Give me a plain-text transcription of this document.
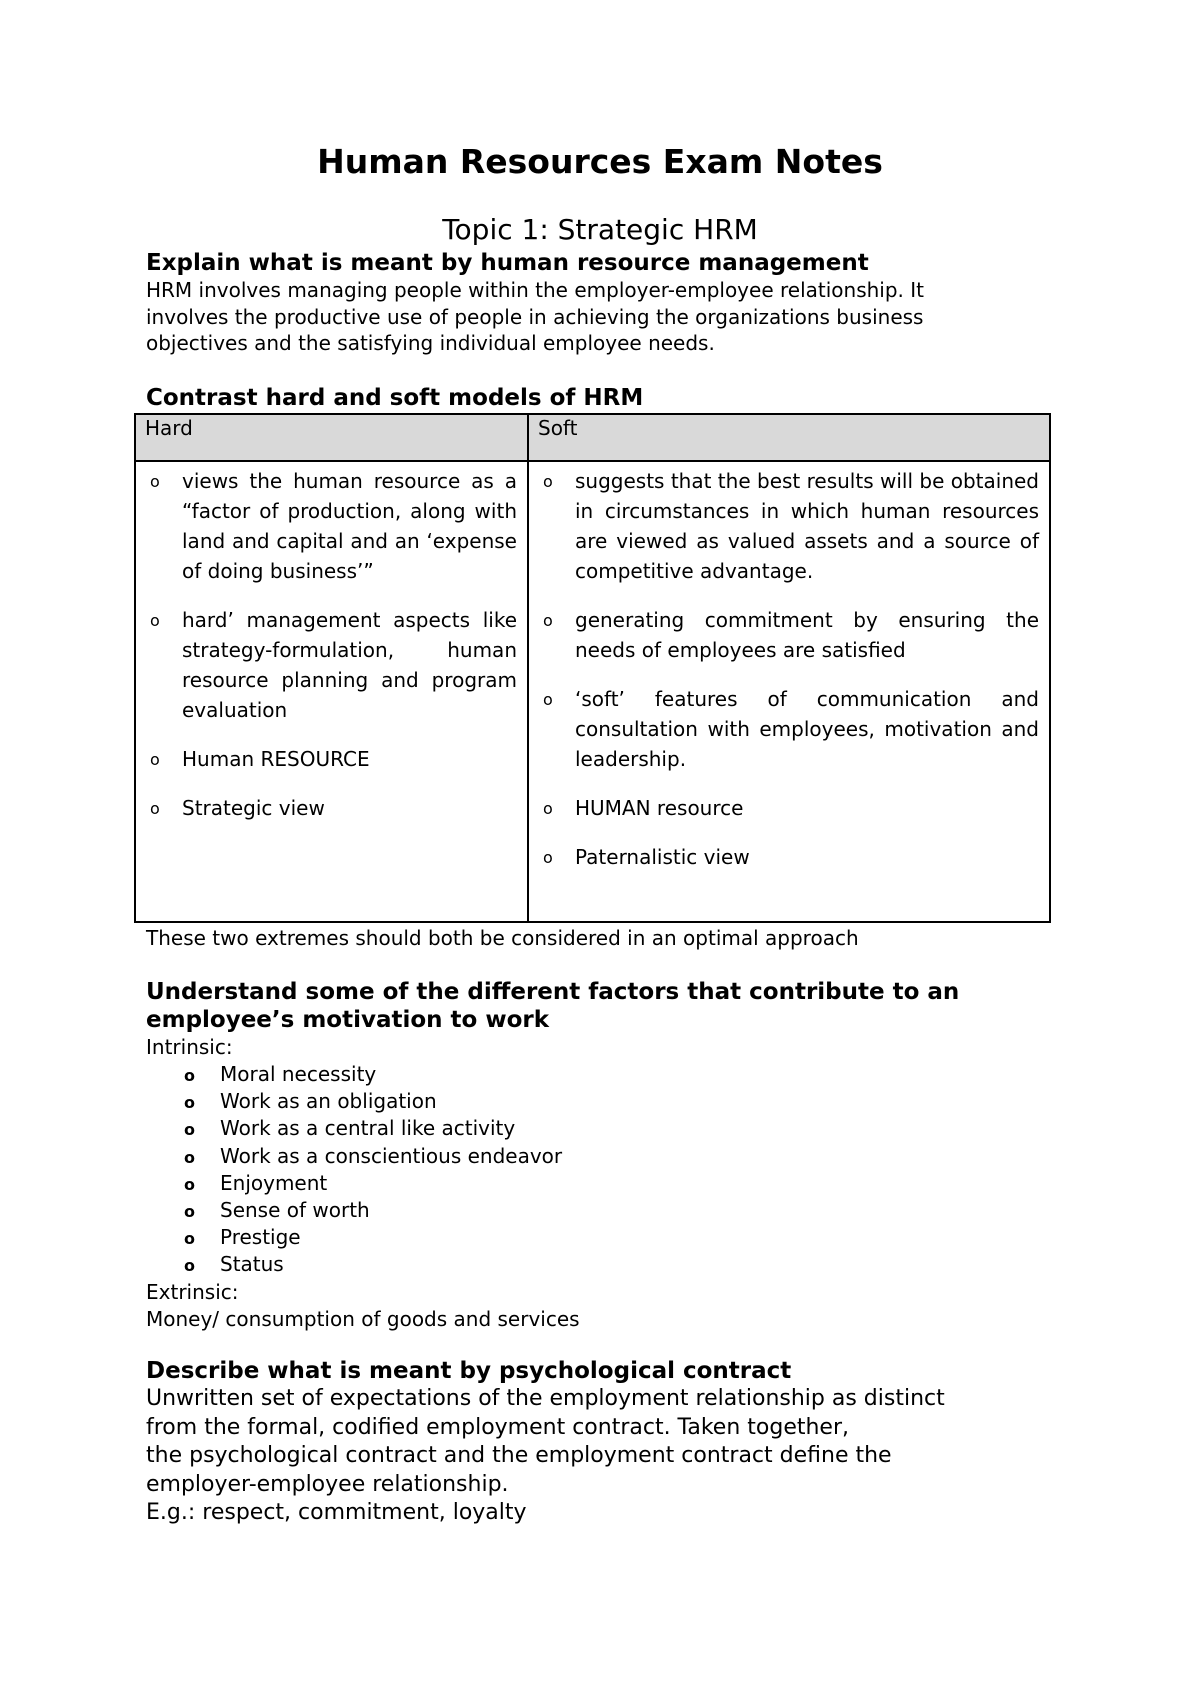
Human Resources Exam Notes
Topic 1: Strategic HRM
Explain what is meant by human resource management

HRM involves managing people within the employer-employee relationship. It

involves the productive use of people in achieving the organizations business

objectives and the satisfying individual employee needs.

Contrast hard and soft models of HRM
Hard	Soft
o views the human resource as a “factor of production, along with land and capital and an ‘expense of doing business’”
o hard’ management aspects like strategy-formulation, human resource planning and program evaluation
o Human RESOURCE
o Strategic view
o suggests that the best results will be obtained in circumstances in which human resources are viewed as valued assets and a source of competitive advantage.
o generating commitment by ensuring the needs of employees are satisfied
o ‘soft’ features of communication and consultation with employees, motivation and leadership.
o HUMAN resource
o Paternalistic view

These two extremes should both be considered in an optimal approach

Understand some of the different factors that contribute to an
employee’s motivation to work

Intrinsic:

o Moral necessity
o Work as an obligation
o Work as a central like activity
o Work as a conscientious endeavor
o Enjoyment
o Sense of worth
o Prestige
o Status

Extrinsic:

Money/ consumption of goods and services

Describe what is meant by psychological contract

Unwritten set of expectations of the employment relationship as distinct

from the formal, codified employment contract. Taken together,

the psychological contract and the employment contract define the

employer-employee relationship.

E.g.: respect, commitment, loyalty
